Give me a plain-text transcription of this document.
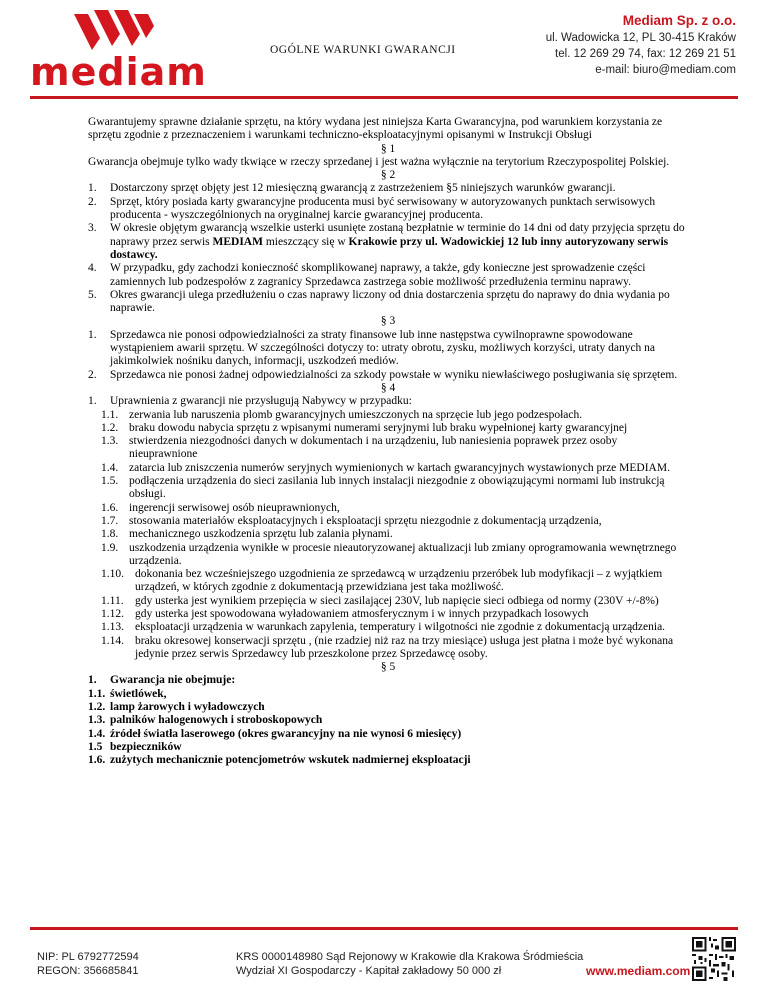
mediam	OGÓLNE WARUNKI GWARANCJI
Mediam Sp. z o.o.
ul. Wadowicka 12, PL 30-415 Kraków
tel. 12 269 29 74, fax: 12 269 21 51
e-mail: biuro@mediam.com

Gwarantujemy sprawne działanie sprzętu, na który wydana jest niniejsza Karta Gwarancyjna, pod warunkiem korzystania ze sprzętu zgodnie z przeznaczeniem i warunkami techniczno-eksploatacyjnymi opisanymi w Instrukcji Obsługi

§ 1

Gwarancja obejmuje tylko wady tkwiące w rzeczy sprzedanej i jest ważna wyłącznie na terytorium Rzeczypospolitej Polskiej.

§ 2

1. Dostarczony sprzęt objęty jest 12 miesięczną gwarancją z zastrzeżeniem §5 niniejszych warunków gwarancji.
2. Sprzęt, który posiada karty gwarancyjne producenta musi być serwisowany w autoryzowanych punktach serwisowych producenta - wyszczególnionych na oryginalnej karcie gwarancyjnej producenta.
3. W okresie objętym gwarancją wszelkie usterki usunięte zostaną bezpłatnie w terminie do 14 dni od daty przyjęcia sprzętu do naprawy przez serwis MEDIAM mieszczący się w Krakowie przy ul. Wadowickiej 12 lub inny autoryzowany serwis dostawcy.
4. W przypadku, gdy zachodzi konieczność skomplikowanej naprawy, a także, gdy konieczne jest sprowadzenie części zamiennych lub podzespołów z zagranicy Sprzedawca zastrzega sobie możliwość przedłużenia terminu naprawy.
5. Okres gwarancji ulega przedłużeniu o czas naprawy liczony od dnia dostarczenia sprzętu do naprawy do dnia wydania po naprawie.

§ 3

1. Sprzedawca nie ponosi odpowiedzialności za straty finansowe lub inne następstwa cywilnoprawne spowodowane wystąpieniem awarii sprzętu. W szczególności dotyczy to: utraty obrotu, zysku, możliwych korzyści, utraty danych na jakimkolwiek nośniku danych, informacji, uszkodzeń mediów.
2. Sprzedawca nie ponosi żadnej odpowiedzialności za szkody powstałe w wyniku niewłaściwego posługiwania się sprzętem.

§ 4

1. Uprawnienia z gwarancji nie przysługują Nabywcy w przypadku:
1.1. zerwania lub naruszenia plomb gwarancyjnych umieszczonych na sprzęcie lub jego podzespołach.
1.2. braku dowodu nabycia sprzętu z wpisanymi numerami seryjnymi lub braku wypełnionej karty gwarancyjnej
1.3. stwierdzenia niezgodności danych w dokumentach i na urządzeniu, lub naniesienia poprawek przez osoby nieuprawnione
1.4. zatarcia lub zniszczenia numerów seryjnych wymienionych w kartach gwarancyjnych wystawionych prze MEDIAM.
1.5. podłączenia urządzenia do sieci zasilania lub innych instalacji niezgodnie z obowiązującymi normami lub instrukcją obsługi.
1.6. ingerencji serwisowej osób nieuprawnionych,
1.7. stosowania materiałów eksploatacyjnych i eksploatacji sprzętu niezgodnie z dokumentacją urządzenia,
1.8. mechanicznego uszkodzenia sprzętu lub zalania płynami.
1.9. uszkodzenia urządzenia wynikłe w procesie nieautoryzowanej aktualizacji lub zmiany oprogramowania wewnętrznego urządzenia.
1.10. dokonania bez wcześniejszego uzgodnienia ze sprzedawcą w urządzeniu przeróbek lub modyfikacji – z wyjątkiem urządzeń, w których zgodnie z dokumentacją przewidziana jest taka możliwość.
1.11. gdy usterka jest wynikiem przepięcia w sieci zasilającej 230V, lub napięcie sieci odbiega od normy (230V +/-8%)
1.12. gdy usterka jest spowodowana wyładowaniem atmosferycznym i w innych przypadkach losowych
1.13. eksploatacji urządzenia w warunkach zapylenia, temperatury i wilgotności nie zgodnie z dokumentacją urządzenia.
1.14. braku okresowej konserwacji sprzętu , (nie rzadziej niż raz na trzy miesiące) usługa jest płatna i może być wykonana jedynie przez serwis Sprzedawcy lub przeszkolone przez Sprzedawcę osoby.

§ 5

1. Gwarancja nie obejmuje:
1.1. świetlówek,
1.2. lamp żarowych i wyładowczych
1.3. palników halogenowych i stroboskopowych
1.4. źródeł światła laserowego (okres gwarancyjny na nie wynosi 6 miesięcy)
1.5 bezpieczników
1.6. zużytych mechanicznie potencjometrów wskutek nadmiernej eksploatacji
NIP: PL 6792772594
REGON: 356685841
KRS 0000148980 Sąd Rejonowy w Krakowie dla Krakowa Śródmieścia
Wydział XI Gospodarczy - Kapitał zakładowy 50 000 zł	www.mediam.com
